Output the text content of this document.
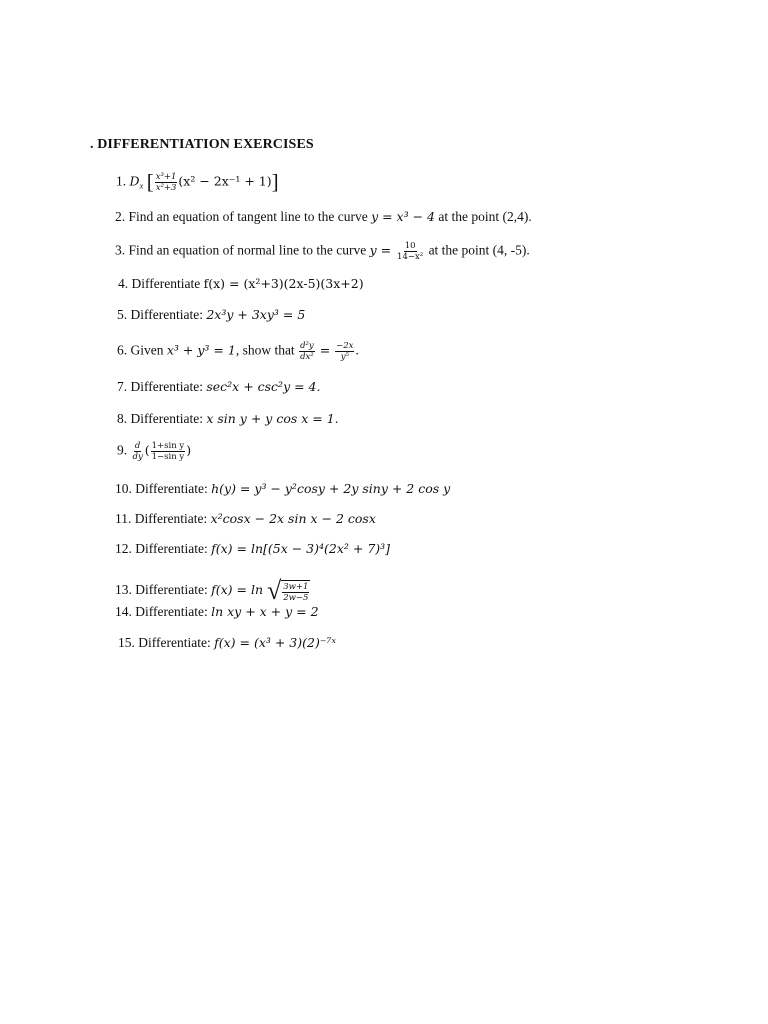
. DIFFERENTIATION EXERCISES
1. $D_x$ [ $\frac{\text{x³+1}}{\text{x²+3}} (x^2 - 2x^{-1} + 1)$]
2. Find an equation of tangent line to the curve y = x³ − 4 at the point (2,4).
3. Find an equation of normal line to the curve $y = \frac{10}{\text{14−x²}}$ at the point (4, -5).
4. Differentiate f(x) = (x²+3)(2x-5)(3x+2)
5. Differentiate: 2x³y + 3xy³ = 5
6. Given x³ + y³ = 1, show that $\frac{\text{d²y}}{\text{dx²}} = \frac{-2x}{\text{y⁵}}$ .
7. Differentiate: sec²x + csc²y = 4.
8. Differentiate: x sin y + y cos x = 1.
9. $\frac{d}{dy}$ ( $\frac{\text{1+sin y}}{\text{1−sin y}}$ )
10. Differentiate: h(y) = y³ − y²cosy + 2y siny + 2 cos y
11. Differentiate: x²cosx − 2x sin x − 2 cosx
12. Differentiate: f(x) = ln[(5x − 3)⁴(2x² + 7)³]
13. Differentiate: f(x) = ln √ $\frac{3w+1}{2w-5}$
14. Differentiate: ln xy + x + y = 2
15. Differentiate: f(x) = (x³ + 3)(2)⁻⁷ˣ
